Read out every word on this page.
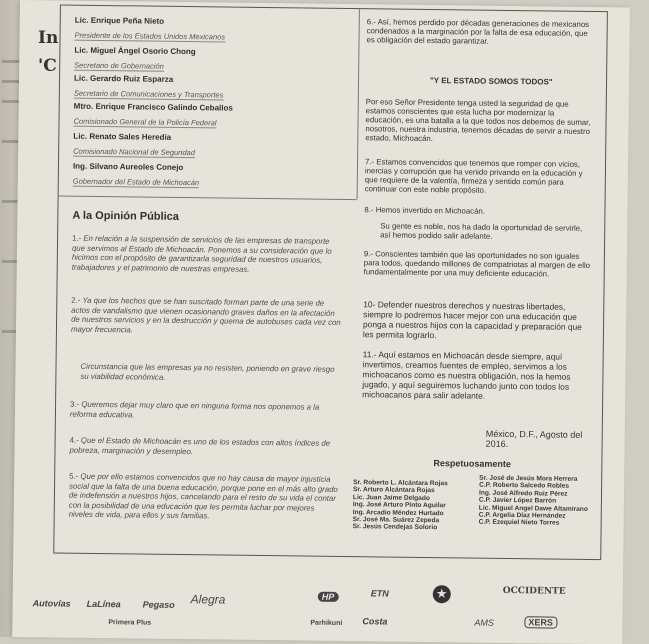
In
'C
Lic. Enrique Peña Nieto
Presidente de los Estados Unidos Mexicanos
Lic. Miguel Ángel Osorio Chong
Secretario de Gobernación
Lic. Gerardo Ruiz Esparza
Secretario de Comunicaciones y Transportes
Mtro. Enrique Francisco Galindo Ceballos
Comisionado General de la Policía Federal
Lic. Renato Sales Heredia
Comisionado Nacional de Seguridad
Ing. Silvano Aureoles Conejo
Gobernador del Estado de Michoacán
A la Opinión Pública
1.- En relación a la suspensión de servicios de las empresas de transporte que servimos al Estado de Michoacán. Ponemos a su consideración que lo hicimos con el propósito de garantizarla seguridad de nuestros usuarios, trabajadores y el patrimonio de nuestras empresas.
2.- Ya que los hechos que se han suscitado forman parte de una serie de actos de vandalismo que vienen ocasionando graves daños en la afectación de nuestros servicios y en la destrucción y quema de autobuses cada vez con mayor frecuencia.
Circunstancia que las empresas ya no resisten, poniendo en grave riesgo su viabilidad económica.
3.- Queremos dejar muy claro que en ninguna forma nos oponemos a la reforma educativa.
4.- Que el Estado de Michoacán es uno de los estados con altos índices de pobreza, marginación y desempleo.
5.- Que por ello estamos convencidos que no hay causa de mayor injusticia social que la falta de una buena educación, porque pone en el más alto grado de indefensión a nuestros hijos, cancelando para el resto de su vida el contar con la posibilidad de una educación que les permita luchar por mejores niveles de vida, para ellos y sus familias.
6.- Así, hemos perdido por décadas generaciones de mexicanos condenados a la marginación por la falta de esa educación, que es obligación del estado garantizar.
"Y EL ESTADO SOMOS TODOS"
Por eso Señor Presidente tenga usted la seguridad de que estamos conscientes que esta lucha por modernizar la educación, es una batalla a la que todos nos debemos de sumar, nosotros, nuestra industria, tenemos décadas de servir a nuestro estado, Michoacán.
7.- Estamos convencidos que tenemos que romper con vicios, inercias y corrupción que ha venido privando en la educación y que requiere de la valentía, firmeza y sentido común para continuar con este noble propósito.
8.- Hemos invertido en Michoacán.
Su gente es noble, nos ha dado la oportunidad de servirle, así hemos podido salir adelante.
9.- Conscientes también que las oportunidades no son iguales para todos, quedando millones de compatriotas al margen de ello fundamentalmente por una muy deficiente educación.
10- Defender nuestros derechos y nuestras libertades, siempre lo podremos hacer mejor con una educación que ponga a nuestros hijos con la capacidad y preparación que les permita lograrlo.
11.- Aquí estamos en Michoacán desde siempre, aquí invertimos, creamos fuentes de empleo, servimos a los michoacanos como es nuestra obligación, nos la hemos jugado, y aquí seguiremos luchando junto con todos los michoacanos para salir adelante.
México, D.F., Agosto del 2016.
Respetuosamente
Sr. Roberto L. Alcántara Rojas
Sr. Arturo Alcántara Rojas
Lic. Juan Jaime Delgado
Ing. José Arturo Pinto Aguilar
Ing. Arcadio Méndez Hurtado
Sr. José Ma. Suárez Zepeda
Sr. Jesús Cendejas Solorio
Sr. José de Jesús Mora Herrera
C.P. Roberto Salcedo Robles
Ing. José Alfredo Ruiz Pérez
C.P. Javier López Barrón
Lic. Miguel Angel Dawe Altamirano
C.P. Argelia Díaz Hernández
C.P. Ezequiel Nieto Torres
Autovías LaLínea Pegaso Alegra	HP	ETN	★	OCCIDENTE
Primera Plus	Parhikuni Costa	AMS	XERS
